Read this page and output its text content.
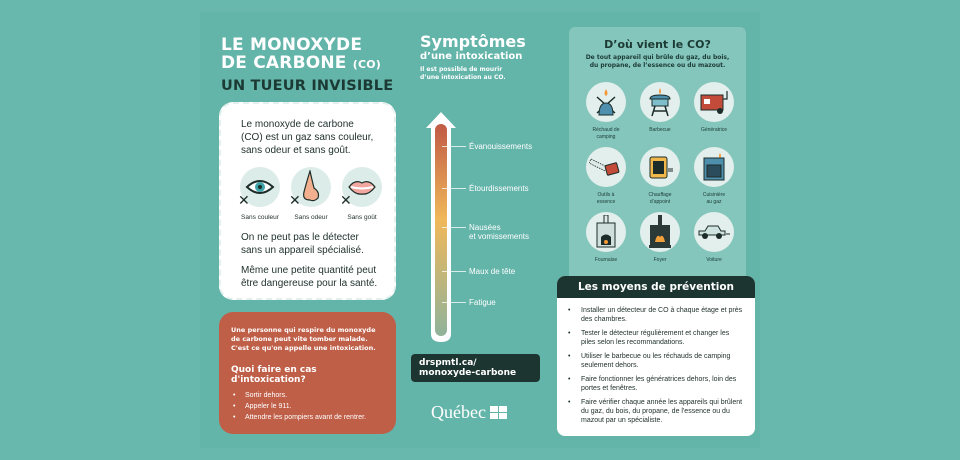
LE MONOXYDE
DE CARBONE (CO)
UN TUEUR INVISIBLE
Le monoxyde de carbone (CO) est un gaz sans couleur, sans odeur et sans goût.
✕
Sans couleur
✕
Sans odeur
✕
Sans goût
On ne peut pas le détecter sans un appareil spécialisé.
Même une petite quantité peut être dangereuse pour la santé.
Une personne qui respire du monoxyde de carbone peut vite tomber malade. C'est ce qu'on appelle une intoxication.
Quoi faire en cas d'intoxication?
• Sortir dehors.
• Appeler le 911.
• Attendre les pompiers avant de rentrer.
Symptômes
d’une intoxication
Il est possible de mourir
d’une intoxication au CO.
Évanouissements
Étourdissements
Nausées
et vomissements
Maux de tête
Fatigue
drspmtl.ca/
monoxyde-carbone
Québec
D’où vient le CO?
De tout appareil qui brûle du gaz, du bois,
du propane, de l’essence ou du mazout.
Réchaud de
camping
Barbecue	Génératrice
Outils à
essence
Chauffage
d’appoint
Cuisinière
au gaz
Fournaise	Foyer	Voiture
Les moyens de prévention
• Installer un détecteur de CO à chaque étage et près des chambres.
• Tester le détecteur régulièrement et changer les piles selon les recommandations.
• Utiliser le barbecue ou les réchauds de camping seulement dehors.
• Faire fonctionner les génératrices dehors, loin des portes et fenêtres.
• Faire vérifier chaque année les appareils qui brûlent du gaz, du bois, du propane, de l'essence ou du mazout par un spécialiste.
